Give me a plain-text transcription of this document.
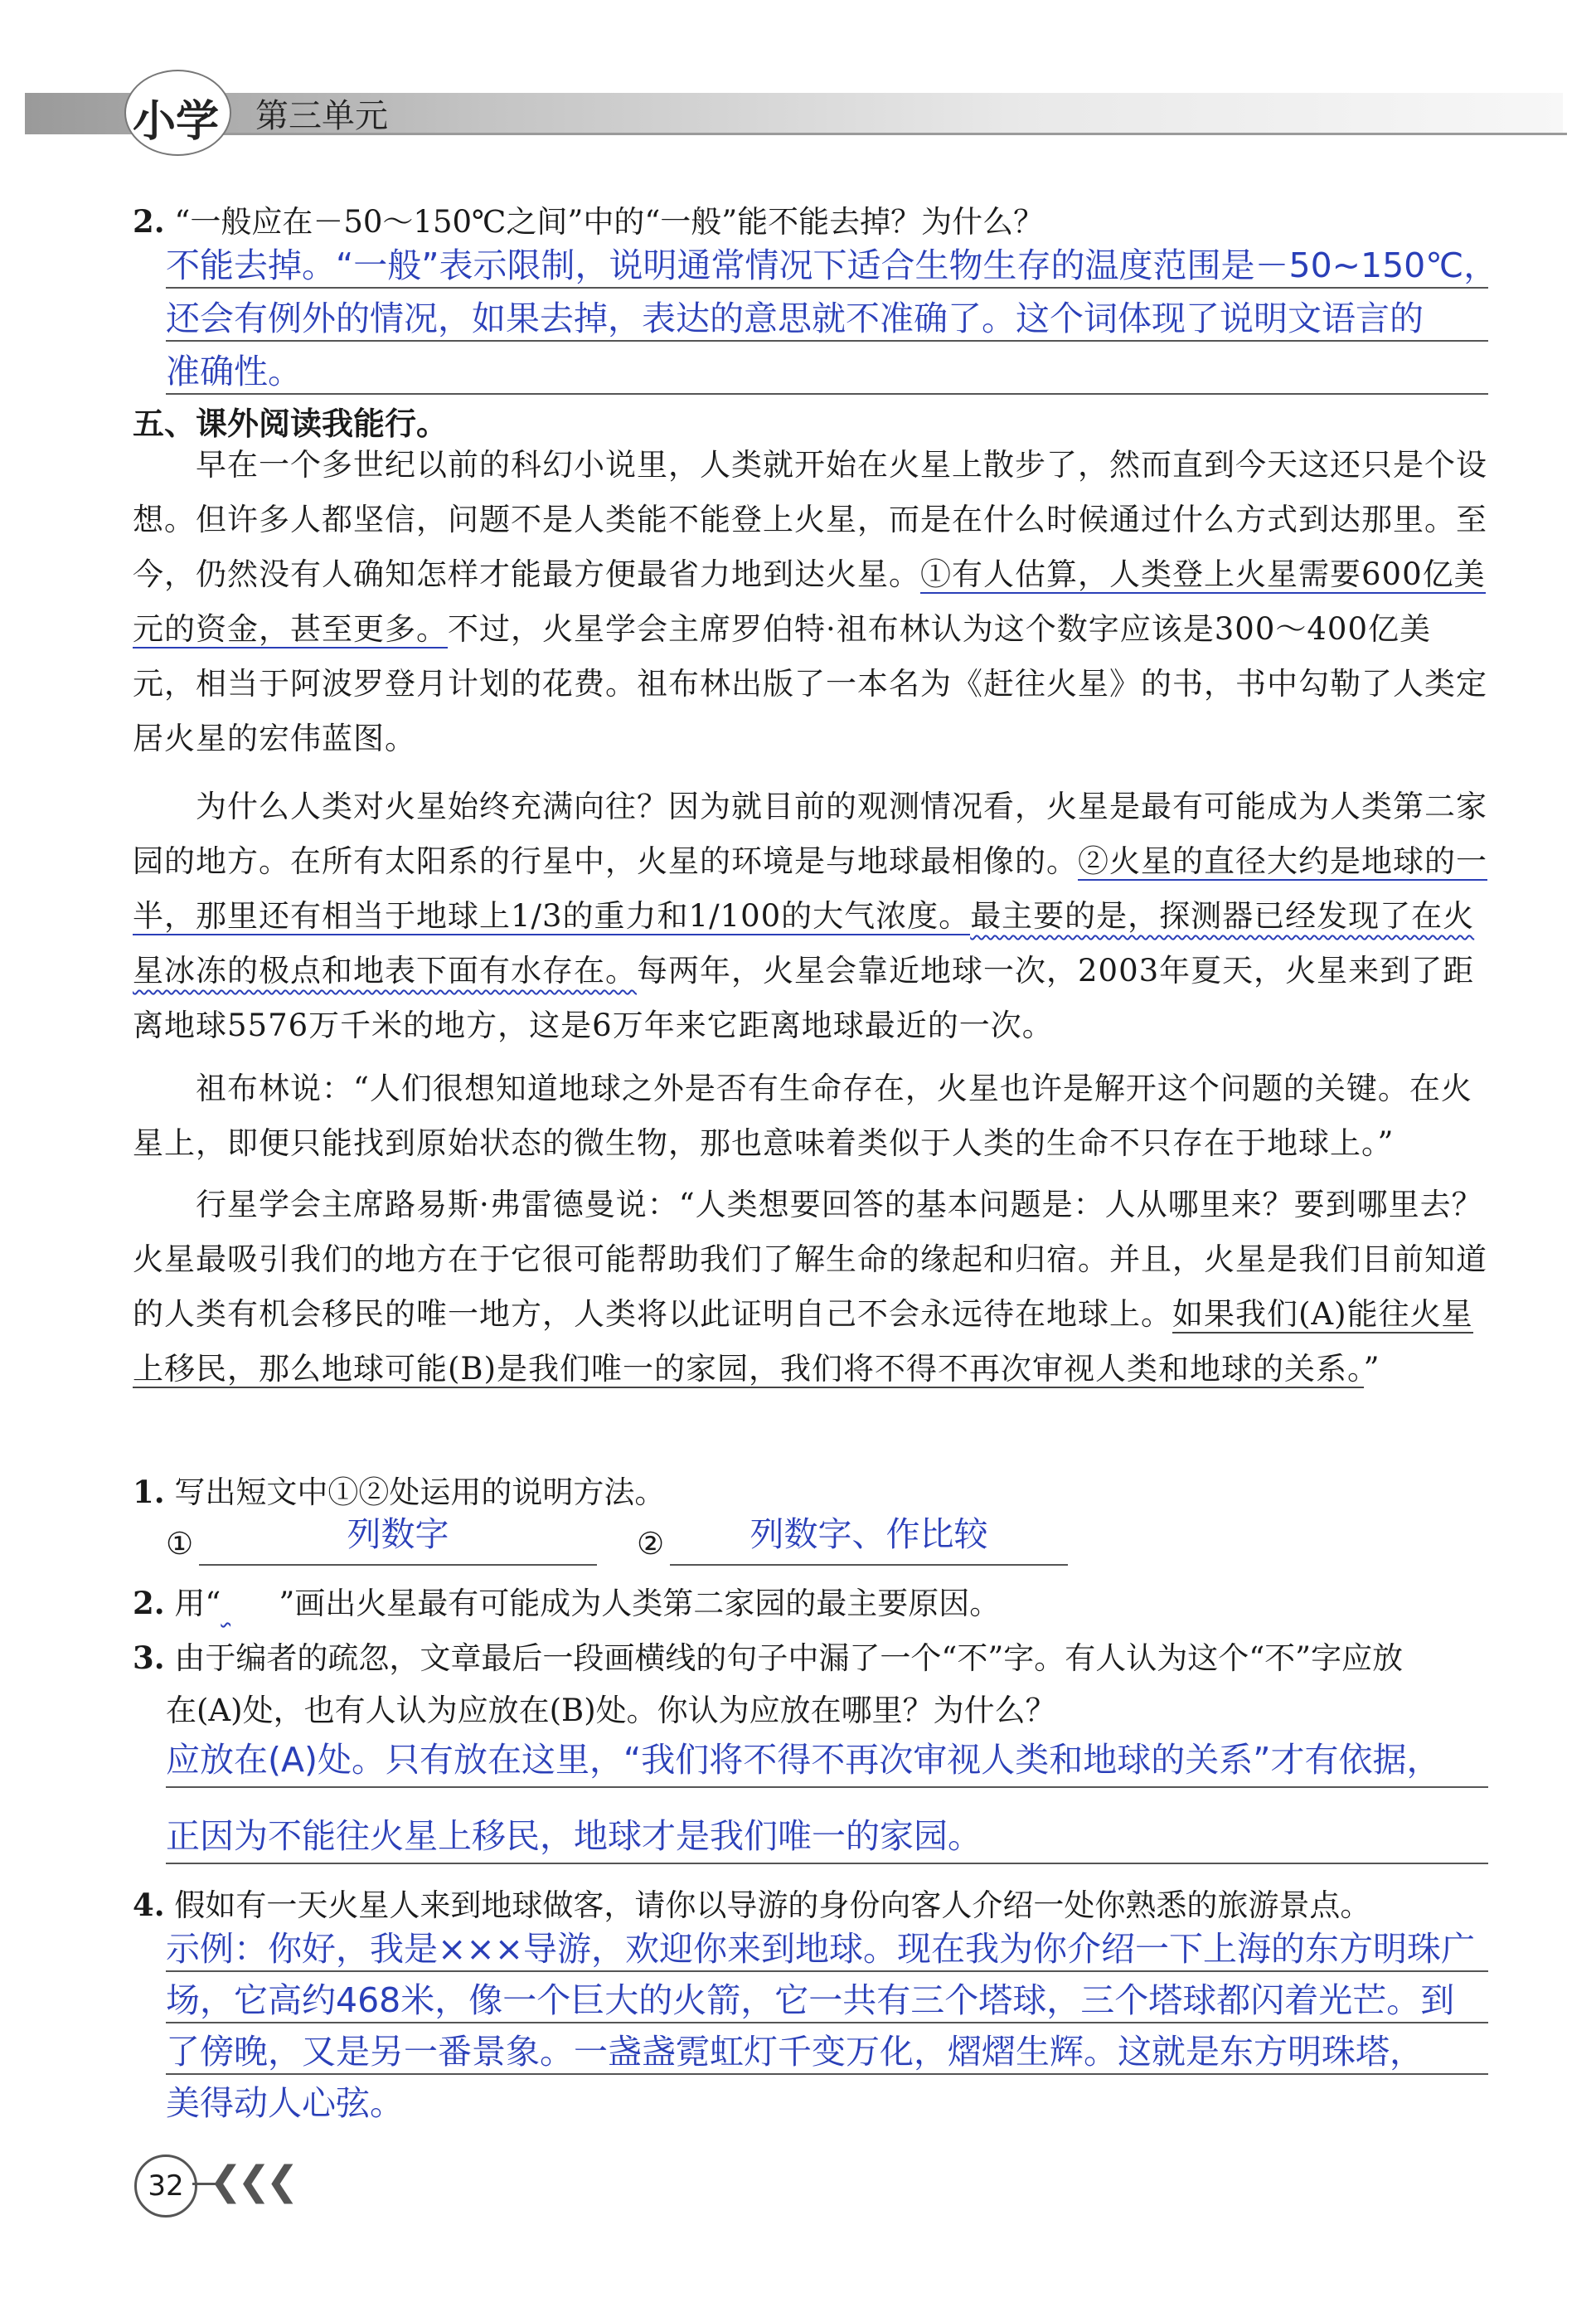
小学 第三单元
2. “一般应在－50～150℃之间”中的“一般”能不能去掉？为什么？
不能去掉。“一般”表示限制，说明通常情况下适合生物生存的温度范围是－50~150℃，
还会有例外的情况，如果去掉，表达的意思就不准确了。这个词体现了说明文语言的
准确性。
五、课外阅读我能行。
早在一个多世纪以前的科幻小说里，人类就开始在火星上散步了，然而直到今天这还只是个设想。但许多人都坚信，问题不是人类能不能登上火星，而是在什么时候通过什么方式到达那里。至今，仍然没有人确知怎样才能最方便最省力地到达火星。①有人估算，人类登上火星需要600亿美元的资金，甚至更多。不过，火星学会主席罗伯特·祖布林认为这个数字应该是300～400亿美元，相当于阿波罗登月计划的花费。祖布林出版了一本名为《赶往火星》的书，书中勾勒了人类定居火星的宏伟蓝图。
为什么人类对火星始终充满向往？因为就目前的观测情况看，火星是最有可能成为人类第二家园的地方。在所有太阳系的行星中，火星的环境是与地球最相像的。②火星的直径大约是地球的一半，那里还有相当于地球上1/3的重力和1/100的大气浓度。最主要的是，探测器已经发现了在火星冰冻的极点和地表下面有水存在。每两年，火星会靠近地球一次，2003年夏天，火星来到了距离地球5576万千米的地方，这是6万年来它距离地球最近的一次。
祖布林说：“人们很想知道地球之外是否有生命存在，火星也许是解开这个问题的关键。在火星上，即便只能找到原始状态的微生物，那也意味着类似于人类的生命不只存在于地球上。”
行星学会主席路易斯·弗雷德曼说：“人类想要回答的基本问题是：人从哪里来？要到哪里去？火星最吸引我们的地方在于它很可能帮助我们了解生命的缘起和归宿。并且，火星是我们目前知道的人类有机会移民的唯一地方，人类将以此证明自己不会永远待在地球上。如果我们(A)能往火星上移民，那么地球可能(B)是我们唯一的家园，我们将不得不再次审视人类和地球的关系。”
1. 写出短文中①②处运用的说明方法。
①	列数字	②	列数字、作比较
2. 用“ ”画出火星最有可能成为人类第二家园的最主要原因。
3. 由于编者的疏忽，文章最后一段画横线的句子中漏了一个“不”字。有人认为这个“不”字应放
在(A)处，也有人认为应放在(B)处。你认为应放在哪里？为什么？
应放在(A)处。只有放在这里，“我们将不得不再次审视人类和地球的关系”才有依据，
正因为不能往火星上移民，地球才是我们唯一的家园。
4. 假如有一天火星人来到地球做客，请你以导游的身份向客人介绍一处你熟悉的旅游景点。
示例：你好，我是×××导游，欢迎你来到地球。现在我为你介绍一下上海的东方明珠广
场，它高约468米，像一个巨大的火箭，它一共有三个塔球，三个塔球都闪着光芒。到
了傍晚，又是另一番景象。一盏盏霓虹灯千变万化，熠熠生辉。这就是东方明珠塔，
美得动人心弦。
32 ❮❮❮
